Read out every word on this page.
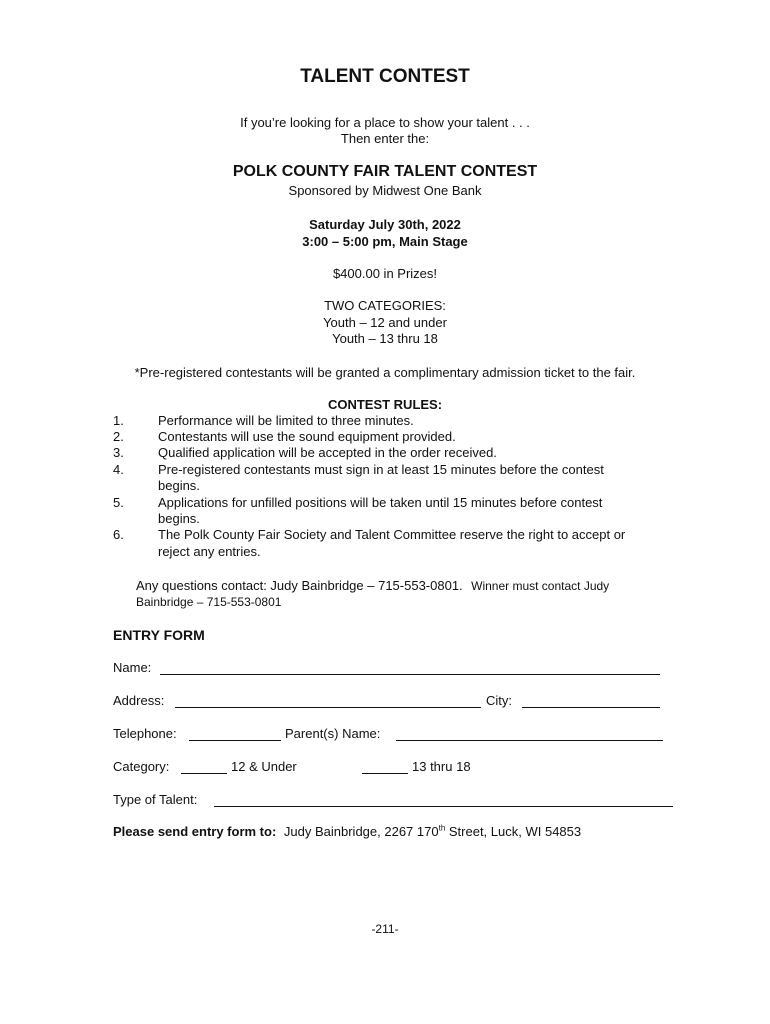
TALENT CONTEST
If you’re looking for a place to show your talent . . .
Then enter the:
POLK COUNTY FAIR TALENT CONTEST
Sponsored by Midwest One Bank
Saturday July 30th, 2022
3:00 – 5:00 pm, Main Stage
$400.00 in Prizes!
TWO CATEGORIES:
Youth – 12 and under
Youth – 13 thru 18
*Pre-registered contestants will be granted a complimentary admission ticket to the fair.
CONTEST RULES:
1.	Performance will be limited to three minutes.
2.	Contestants will use the sound equipment provided.
3.	Qualified application will be accepted in the order received.
4.	Pre-registered contestants must sign in at least 15 minutes before the contest
begins.
5.	Applications for unfilled positions will be taken until 15 minutes before contest
begins.
6.	The Polk County Fair Society and Talent Committee reserve the right to accept or
reject any entries.
Any questions contact: Judy Bainbridge – 715-553-0801. Winner must contact Judy
Bainbridge – 715-553-0801
ENTRY FORM
Name:
Address:	City:
Telephone:	Parent(s) Name:
Category:	12 & Under	13 thru 18
Type of Talent:
Please send entry form to: Judy Bainbridge, 2267 170th Street, Luck, WI 54853
-211-
